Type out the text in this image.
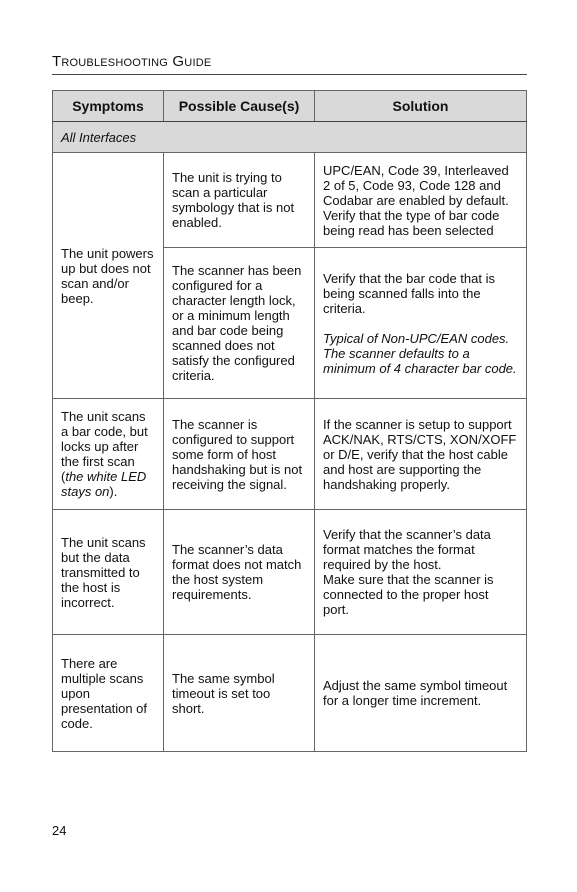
Troubleshooting Guide
Symptoms	Possible Cause(s)	Solution
All Interfaces		

The unit powers up but does not scan and/or beep.	The unit is trying to scan a particular symbology that is not enabled.	UPC/EAN, Code 39, Interleaved 2 of 5, Code 93, Code 128 and Codabar are enabled by default. Verify that the type of bar code being read has been selected

	The scanner has been configured for a character length lock, or a minimum length and bar code being scanned does not satisfy the configured criteria.	Verify that the bar code that is being scanned falls into the criteria.
Typical of Non-UPC/EAN codes. The scanner defaults to a minimum of 4 character bar code.

The unit scans a bar code, but locks up after the first scan (the white LED stays on).	The scanner is configured to support some form of host handshaking but is not receiving the signal.	If the scanner is setup to support ACK/NAK, RTS/CTS, XON/XOFF or D/E, verify that the host cable and host are supporting the handshaking properly.

The unit scans but the data transmitted to the host is incorrect.	The scanner’s data format does not match the host system requirements.	Verify that the scanner’s data format matches the format required by the host.
Make sure that the scanner is connected to the proper host port.

There are multiple scans upon presentation of code.	The same symbol timeout is set too short.	Adjust the same symbol timeout for a longer time increment.
24
